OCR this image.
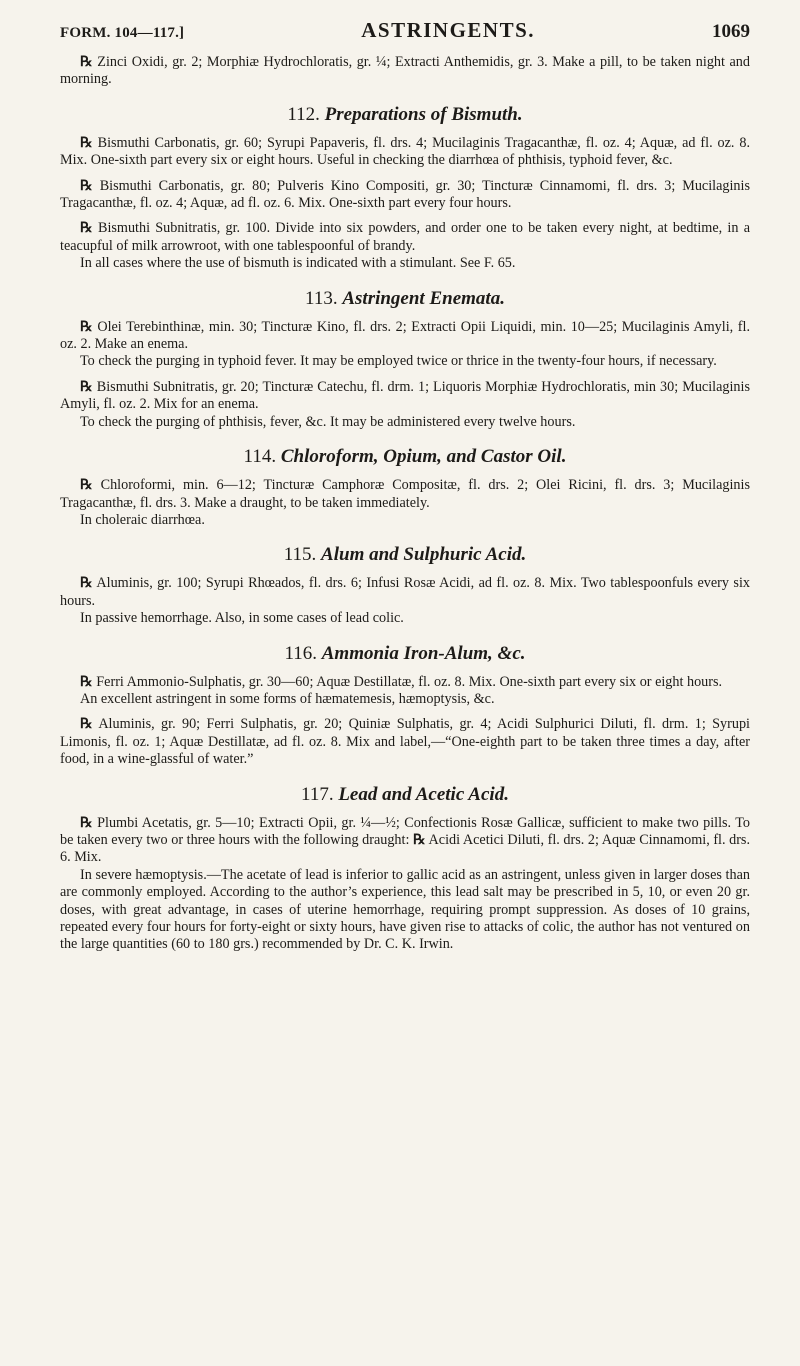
FORM. 104—117.]	ASTRINGENTS.	1069

℞ Zinci Oxidi, gr. 2; Morphiæ Hydrochloratis, gr. ¼; Extracti Anthemidis, gr. 3. Make a pill, to be taken night and morning.

112. Preparations of Bismuth.

℞ Bismuthi Carbonatis, gr. 60; Syrupi Papaveris, fl. drs. 4; Mucilaginis Tragacanthæ, fl. oz. 4; Aquæ, ad fl. oz. 8. Mix. One-sixth part every six or eight hours. Useful in checking the diarrhœa of phthisis, typhoid fever, &c.

℞ Bismuthi Carbonatis, gr. 80; Pulveris Kino Compositi, gr. 30; Tincturæ Cinnamomi, fl. drs. 3; Mucilaginis Tragacanthæ, fl. oz. 4; Aquæ, ad fl. oz. 6. Mix. One-sixth part every four hours.

℞ Bismuthi Subnitratis, gr. 100. Divide into six powders, and order one to be taken every night, at bedtime, in a teacupful of milk arrowroot, with one tablespoonful of brandy.

In all cases where the use of bismuth is indicated with a stimulant. See F. 65.

113. Astringent Enemata.

℞ Olei Terebinthinæ, min. 30; Tincturæ Kino, fl. drs. 2; Extracti Opii Liquidi, min. 10—25; Mucilaginis Amyli, fl. oz. 2. Make an enema.

To check the purging in typhoid fever. It may be employed twice or thrice in the twenty-four hours, if necessary.

℞ Bismuthi Subnitratis, gr. 20; Tincturæ Catechu, fl. drm. 1; Liquoris Morphiæ Hydrochloratis, min 30; Mucilaginis Amyli, fl. oz. 2. Mix for an enema.

To check the purging of phthisis, fever, &c. It may be administered every twelve hours.

114. Chloroform, Opium, and Castor Oil.

℞ Chloroformi, min. 6—12; Tincturæ Camphoræ Compositæ, fl. drs. 2; Olei Ricini, fl. drs. 3; Mucilaginis Tragacanthæ, fl. drs. 3. Make a draught, to be taken immediately.

In choleraic diarrhœa.

115. Alum and Sulphuric Acid.

℞ Aluminis, gr. 100; Syrupi Rhœados, fl. drs. 6; Infusi Rosæ Acidi, ad fl. oz. 8. Mix. Two tablespoonfuls every six hours.

In passive hemorrhage. Also, in some cases of lead colic.

116. Ammonia Iron-Alum, &c.

℞ Ferri Ammonio-Sulphatis, gr. 30—60; Aquæ Destillatæ, fl. oz. 8. Mix. One-sixth part every six or eight hours.

An excellent astringent in some forms of hæmatemesis, hæmoptysis, &c.

℞ Aluminis, gr. 90; Ferri Sulphatis, gr. 20; Quiniæ Sulphatis, gr. 4; Acidi Sulphurici Diluti, fl. drm. 1; Syrupi Limonis, fl. oz. 1; Aquæ Destillatæ, ad fl. oz. 8. Mix and label,—“One-eighth part to be taken three times a day, after food, in a wine-glassful of water.”

117. Lead and Acetic Acid.

℞ Plumbi Acetatis, gr. 5—10; Extracti Opii, gr. ¼—½; Confectionis Rosæ Gallicæ, sufficient to make two pills. To be taken every two or three hours with the following draught: ℞ Acidi Acetici Diluti, fl. drs. 2; Aquæ Cinnamomi, fl. drs. 6. Mix.

In severe hæmoptysis.—The acetate of lead is inferior to gallic acid as an astringent, unless given in larger doses than are commonly employed. According to the author’s experience, this lead salt may be prescribed in 5, 10, or even 20 gr. doses, with great advantage, in cases of uterine hemorrhage, requiring prompt suppression. As doses of 10 grains, repeated every four hours for forty-eight or sixty hours, have given rise to attacks of colic, the author has not ventured on the large quantities (60 to 180 grs.) recommended by Dr. C. K. Irwin.
